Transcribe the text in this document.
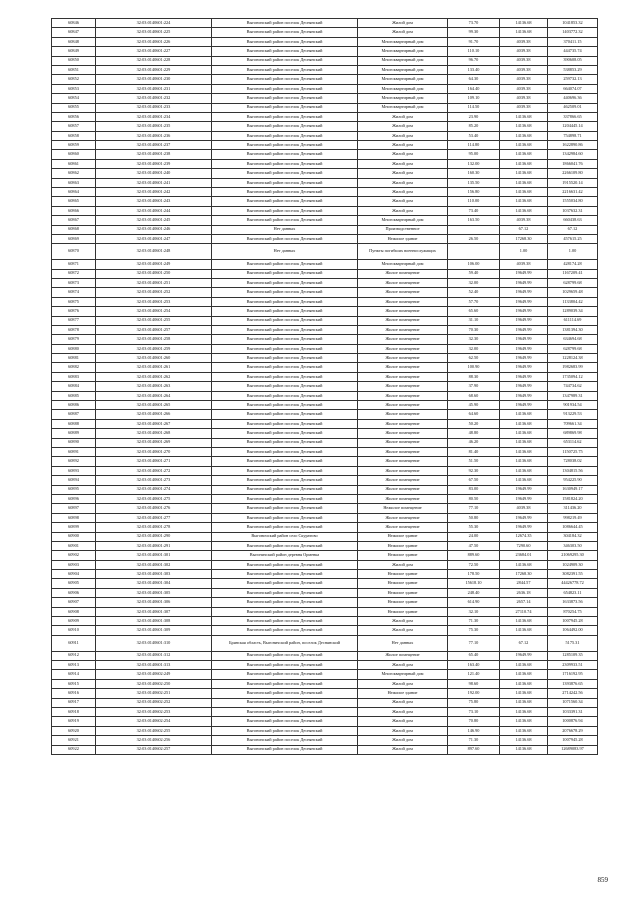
60846	32:03:0140601:224	Выгоничский район поселок Деснянский	Жилой дом	73.70	14136.68	1041853.32
60847	32:03:0140601:225	Выгоничский район поселок Деснянский	Жилой дом	99.30	14136.68	1403772.32
60848	32:03:0140601:226	Выгоничский район поселок Деснянский	Многоквартирный дом	91.70	4039.38	370411.15
60849	32:03:0140601:227	Выгоничский район поселок Деснянский	Многоквартирный дом	110.10	4039.38	444735.74
60850	32:03:0140601:228	Выгоничский район поселок Деснянский	Многоквартирный дом	96.70	4039.38	390608.05
60851	32:03:0140601:229	Выгоничский район поселок Деснянский	Многоквартирный дом	133.40	4039.38	538853.29
60852	32:03:0140601:230	Выгоничский район поселок Деснянский	Многоквартирный дом	64.30	4039.38	259732.13
60853	32:03:0140601:231	Выгоничский район поселок Деснянский	Многоквартирный дом	164.40	4039.38	664074.07
60854	32:03:0140601:232	Выгоничский район поселок Деснянский	Многоквартирный дом	109.10	4039.38	440696.36
60855	32:03:0140601:233	Выгоничский район поселок Деснянский	Многоквартирный дом	114.50	4039.38	462509.01
60856	32:03:0140601:234	Выгоничский район поселок Деснянский	Жилой дом	23.90	14136.68	337866.65
60857	32:03:0140601:235	Выгоничский район поселок Деснянский	Жилой дом	85.20	14136.68	1204445.14
60858	32:03:0140601:236	Выгоничский район поселок Деснянский	Жилой дом	53.40	14136.68	754898.71
60859	32:03:0140601:237	Выгоничский район поселок Деснянский	Жилой дом	114.80	14136.68	1622890.86
60860	32:03:0140601:238	Выгоничский район поселок Деснянский	Жилой дом	95.00	14136.68	1342984.60
60861	32:03:0140601:239	Выгоничский район поселок Деснянский	Жилой дом	132.00	14136.68	1866041.76
60862	32:03:0140601:240	Выгоничский район поселок Деснянский	Жилой дом	160.30	14136.68	2266109.80
60863	32:03:0140601:241	Выгоничский район поселок Деснянский	Жилой дом	135.50	14136.68	1915520.14
60864	32:03:0140601:242	Выгоничский район поселок Деснянский	Жилой дом	156.80	14136.68	2216631.42
60865	32:03:0140601:243	Выгоничский район поселок Деснянский	Жилой дом	110.00	14136.68	1555034.80
60866	32:03:0140601:244	Выгоничский район поселок Деснянский	Жилой дом	73.40	14136.68	1037632.31
60867	32:03:0140601:245	Выгоничский район поселок Деснянский	Многоквартирный дом	163.50	4039.38	660438.63
60868	32:03:0140601:246	Нет данных	Производственное		67.12	67.12
60869	32:03:0140601:247	Выгоничский район поселок Деснянский	Нежилое здание	26.50	17268.30	457615.25
60870	32:03:0140601:248	Нет данных	Пункты погибших военнослужащих		1.00	1.00
60871	32:03:0140601:249	Выгоничский район поселок Деснянский	Многоквартирный дом	106.00	4039.38	428174.28
60872	32:03:0140601:250	Выгоничский район поселок Деснянский	Жилое помещение	59.40	19649.99	1167209.41
60873	32:03:0140601:251	Выгоничский район поселок Деснянский	Жилое помещение	32.00	19649.99	628799.68
60874	32:03:0140601:252	Выгоничский район поселок Деснянский	Жилое помещение	52.40	19649.99	1029659.48
60875	32:03:0140601:253	Выгоничский район поселок Деснянский	Жилое помещение	57.70	19649.99	1133804.42
60876	32:03:0140601:254	Выгоничский район поселок Деснянский	Жилое помещение	65.60	19649.99	1289039.34
60877	32:03:0140601:255	Выгоничский район поселок Деснянский	Жилое помещение	31.10	19649.99	611114.69
60878	32:03:0140601:257	Выгоничский район поселок Деснянский	Жилое помещение	70.30	19649.99	1381394.30
60879	32:03:0140601:258	Выгоничский район поселок Деснянский	Жилое помещение	32.30	19649.99	634694.68
60880	32:03:0140601:259	Выгоничский район поселок Деснянский	Жилое помещение	32.00	19649.99	628799.68
60881	32:03:0140601:260	Выгоничский район поселок Деснянский	Жилое помещение	62.50	19649.99	1228124.38
60882	32:03:0140601:261	Выгоничский район поселок Деснянский	Жилое помещение	100.90	19649.99	1982683.99
60883	32:03:0140601:262	Выгоничский район поселок Деснянский	Жилое помещение	88.30	19649.99	1735094.12
60884	32:03:0140601:263	Выгоничский район поселок Деснянский	Жилое помещение	37.90	19649.99	744734.62
60885	32:03:0140601:264	Выгоничский район поселок Деснянский	Жилое помещение	68.60	19649.99	1347989.31
60886	32:03:0140601:265	Выгоничский район поселок Деснянский	Жилое помещение	45.90	19649.99	901934.54
60887	32:03:0140601:266	Выгоничский район поселок Деснянский	Жилое помещение	64.60	14136.68	913229.53
60888	32:03:0140601:267	Выгоничский район поселок Деснянский	Жилое помещение	50.20	14136.68	709661.34
60889	32:03:0140601:268	Выгоничский район поселок Деснянский	Жилое помещение	48.80	14136.68	689869.98
60890	32:03:0140601:269	Выгоничский район поселок Деснянский	Жилое помещение	46.20	14136.68	653114.62
60891	32:03:0140601:270	Выгоничский район поселок Деснянский	Жилое помещение	81.40	14136.68	1150725.75
60892	32:03:0140601:271	Выгоничский район поселок Деснянский	Жилое помещение	51.50	14136.68	728038.02
60893	32:03:0140601:272	Выгоничский район поселок Деснянский	Жилое помещение	92.30	14136.68	1304815.56
60894	32:03:0140601:273	Выгоничский район поселок Деснянский	Жилое помещение	67.50	14136.68	954225.90
60895	32:03:0140601:274	Выгоничский район поселок Деснянский	Жилое помещение	83.00	19649.99	1630949.17
60896	32:03:0140601:275	Выгоничский район поселок Деснянский	Жилое помещение	80.50	19649.99	1581824.20
60897	32:03:0140601:276	Выгоничский район поселок Деснянский	Нежилое помещение	77.10	4039.38	311436.20
60898	32:03:0140601:277	Выгоничский район поселок Деснянский	Жилое помещение	50.80	19649.99	998219.49
60899	32:03:0140601:278	Выгоничский район поселок Деснянский	Жилое помещение	55.30	19649.99	1086644.45
60900	32:03:0140601:290	Выгоничский район село Скуратово	Нежилое здание	24.00	12674.35	304184.32
60901	32:03:0140601:291	Выгоничский район поселок Деснянский	Нежилое здание	47.50	7290.60	346303.50
60902	32:03:0140601:301	Выгоничский район деревня Орменка	Нежилое здание	889.60	23684.01	21069295.30
60903	32:03:0140601:302	Выгоничский район поселок Деснянский	Жилой дом	72.50	14136.68	1024909.30
60904	32:03:0140601:303	Выгоничский район поселок Деснянский	Нежилое здание	178.50	17268.30	3082391.55
60905	32:03:0140601:304	Выгоничский район поселок Деснянский	Нежилое здание	15618.10	2844.57	44426778.72
60906	32:03:0140601:305	Выгоничский район поселок Деснянский	Нежилое здание	248.40	2636.18	654823.11
60907	32:03:0140601:306	Выгоничский район поселок Деснянский	Нежилое здание	614.90	2657.14	1633873.56
60908	32:03:0140601:307	Выгоничский район поселок Деснянский	Нежилое здание	32.10	27110.74	870254.75
60909	32:03:0140601:308	Выгоничский район поселок Деснянский	Жилой дом	71.30	14136.68	1007945.28
60910	32:03:0140601:309	Выгоничский район поселок Деснянский	Жилой дом	75.30	14136.68	1064492.00
60911	32:03:0140601:310	Брянская область, Выгоничский район, поселок Деснянский	Нет данных	77.10	67.12	5175.31
60912	32:03:0140601:312	Выгоничский район поселок Деснянский	Жилое помещение	65.40	19649.99	1285109.35
60913	32:03:0140601:313	Выгоничский район поселок Деснянский	Жилой дом	163.40	14136.68	2309933.51
60914	32:03:0140602:249	Выгоничский район поселок Деснянский	Многоквартирный дом	121.40	14136.68	1716192.95
60915	32:03:0140602:250	Выгоничский район поселок Деснянский	Жилой дом	98.60	14136.68	1393876.65
60916	32:03:0140602:251	Выгоничский район поселок Деснянский	Нежилое здание	192.00	14136.68	2714242.56
60917	32:03:0140602:252	Выгоничский район поселок Деснянский	Жилой дом	75.80	14136.68	1071560.34
60918	32:03:0140602:253	Выгоничский район поселок Деснянский	Жилой дом	73.10	14136.68	1033391.31
60919	32:03:0140602:254	Выгоничский район поселок Деснянский	Жилой дом	70.80	14136.68	1000876.94
60920	32:03:0140602:255	Выгоничский район поселок Деснянский	Жилой дом	146.90	14136.68	2076678.29
60921	32:03:0140602:256	Выгоничский район поселок Деснянский	Жилой дом	71.30	14136.68	1007945.28
60922	32:03:0140602:257	Выгоничский район поселок Деснянский	Жилой дом	897.60	14136.68	12689083.97
859
